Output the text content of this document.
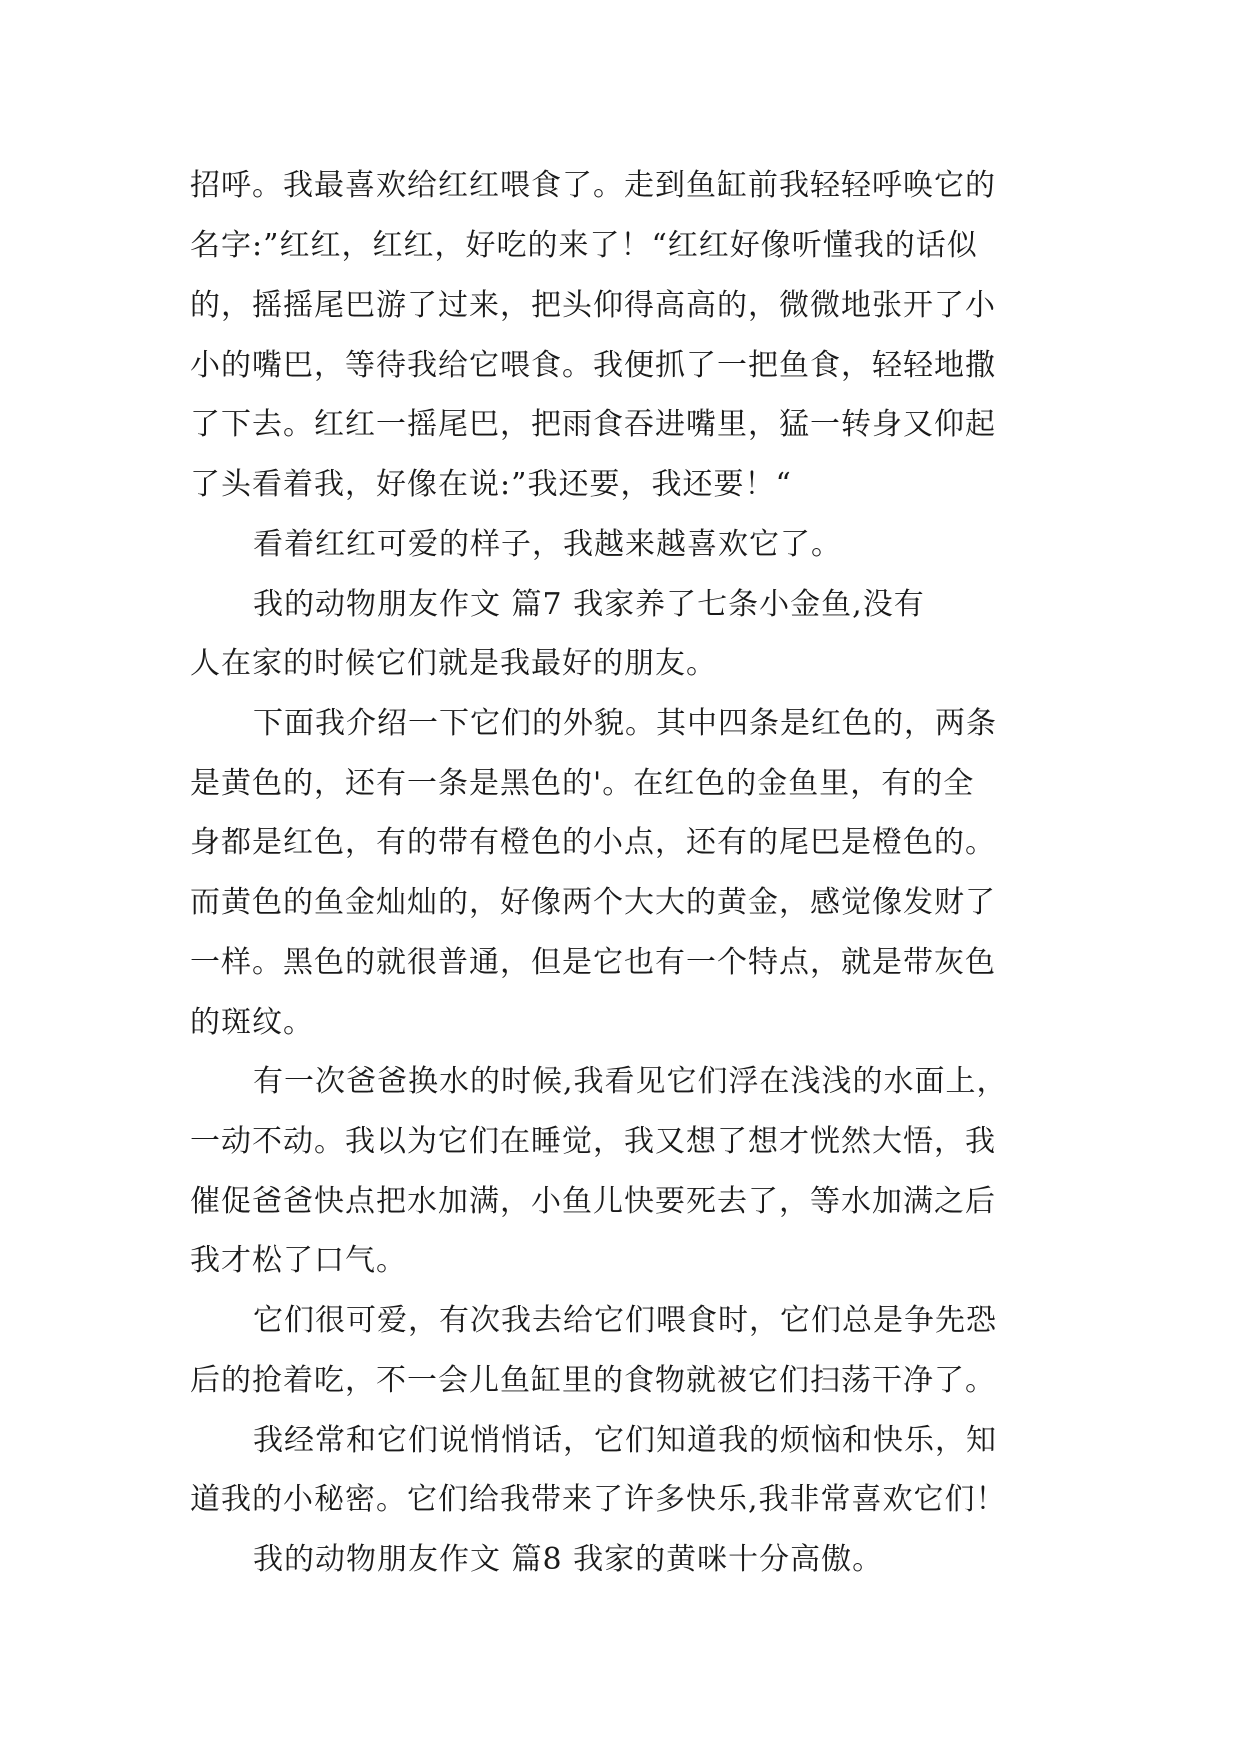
招呼。我最喜欢给红红喂食了。走到鱼缸前我轻轻呼唤它的
名字:”红红，红红，好吃的来了！“红红好像听懂我的话似
的，摇摇尾巴游了过来，把头仰得高高的，微微地张开了小
小的嘴巴，等待我给它喂食。我便抓了一把鱼食，轻轻地撒
了下去。红红一摇尾巴，把雨食吞进嘴里，猛一转身又仰起
了头看着我，好像在说:”我还要，我还要！“
看着红红可爱的样子，我越来越喜欢它了。
我的动物朋友作文 篇7 我家养了七条小金鱼,没有
人在家的时候它们就是我最好的朋友。
下面我介绍一下它们的外貌。其中四条是红色的，两条
是黄色的，还有一条是黑色的'。在红色的金鱼里，有的全
身都是红色，有的带有橙色的小点，还有的尾巴是橙色的。
而黄色的鱼金灿灿的，好像两个大大的黄金，感觉像发财了
一样。黑色的就很普通，但是它也有一个特点，就是带灰色
的斑纹。
有一次爸爸换水的时候,我看见它们浮在浅浅的水面上，
一动不动。我以为它们在睡觉，我又想了想才恍然大悟，我
催促爸爸快点把水加满，小鱼儿快要死去了，等水加满之后
我才松了口气。
它们很可爱，有次我去给它们喂食时，它们总是争先恐
后的抢着吃，不一会儿鱼缸里的食物就被它们扫荡干净了。
我经常和它们说悄悄话，它们知道我的烦恼和快乐，知
道我的小秘密。它们给我带来了许多快乐,我非常喜欢它们！
我的动物朋友作文 篇8 我家的黄咪十分高傲。
